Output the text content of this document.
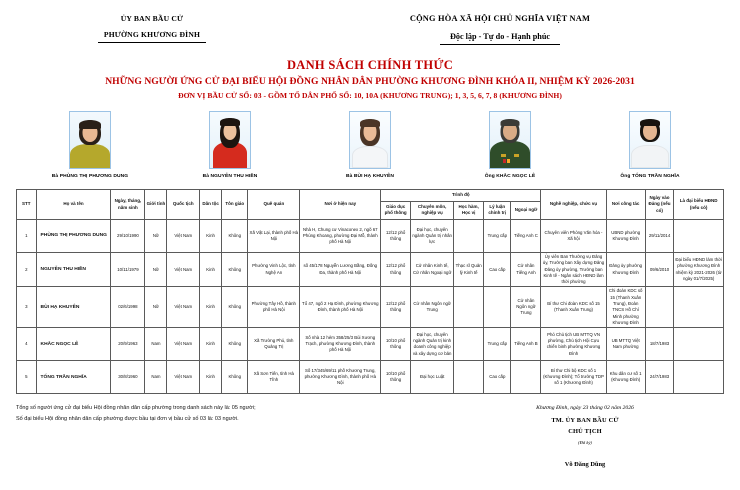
ỦY BAN BẦU CỬ
PHƯỜNG KHƯƠNG ĐÌNH
CỘNG HÒA XÃ HỘI CHỦ NGHĨA VIỆT NAM
Độc lập - Tự do - Hạnh phúc
DANH SÁCH CHÍNH THỨC
NHỮNG NGƯỜI ỨNG CỬ ĐẠI BIỂU HỘI ĐỒNG NHÂN DÂN PHƯỜNG KHƯƠNG ĐÌNH KHÓA II, NHIỆM KỲ 2026-2031
ĐƠN VỊ BẦU CỬ SỐ: 03 - GỒM TỔ DÂN PHỐ SỐ: 10, 10A (KHƯƠNG TRUNG); 1, 3, 5, 6, 7, 8 (KHƯƠNG ĐÌNH)
Bà PHÙNG THỊ PHƯƠNG DUNG	Bà NGUYỄN THU HIỀN	Bà BÙI HẠ KHUYÊN	Ông KHẮC NGỌC LÊ	Ông TỐNG TRẦN NGHĨA
STT	Họ và tên	Ngày, tháng, năm sinh	Giới tính	Quốc tịch	Dân tộc	Tôn giáo	Quê quán	Nơi ở hiện nay	Trình độ					Nghề nghiệp, chức vụ	Nơi công tác	Ngày vào Đảng (nếu có)	Là đại biểu HĐND (nếu có)
									Giáo dục phổ thông	Chuyên môn, nghiệp vụ	Học hàm, Học vị	Lý luận chính trị	Ngoại ngữ				
1	PHÙNG THỊ PHƯƠNG DUNG	29/10/1990	Nữ	Việt Nam	Kinh	Không	Xã Vật Lại, thành phố Hà Nội	Nhà H, Chung cư Vinaconex 2, ngõ 67 Phùng Khoang, phường Đại Mỗ, thành phố Hà Nội	12/12 phổ thông	Đại học, chuyên ngành Quản trị nhân lực		Trung cấp	Tiếng Anh C	Chuyên viên Phòng Văn hóa - Xã hội	UBND phường Khương Đình	29/11/2014	
2	NGUYỄN THU HIỀN	10/11/1979	Nữ	Việt Nam	Kinh	Không	Phường Vinh Lộc, tỉnh Nghệ An	số 45/178 Nguyễn Lương Bằng, Đống Đa, thành phố Hà Nội	12/12 phổ thông	Cử nhân Kinh tế, Cử nhân Ngoại ngữ	Thạc sĩ Quản lý Kinh tế	Cao cấp	Cử nhân Tiếng Anh	Ủy viên Ban Thường vụ Đảng ủy, Trưởng ban Xây dựng Đảng Đảng ủy phường, Trưởng ban Kinh tế - Ngân sách HĐND làm thời phường	Đảng ủy phường Khương Đình	09/6/2010	Đại biểu HĐND làm thời phường Khương Đình nhiệm kỳ 2021-2026 (từ ngày 01/7/2025)
3	BÙI HẠ KHUYÊN	02/6/1998	Nữ	Việt Nam	Kinh	Không	Phường Tây Hồ, thành phố Hà Nội	Tổ 47, ngõ 2 Hạ Đình, phường Khương Đình, thành phố Hà Nội	12/12 phổ thông	Cử nhân Ngôn ngữ Trung			Cử nhân Ngôn ngữ Trung	Bí thư Chi đoàn KDC số 15 (Thanh Xuân Trung)	Chi đoàn KDC số 15 (Thanh Xuân Trung), Đoàn TNCS Hồ Chí Minh phường Khương Đình		
4	KHẮC NGỌC LÊ	20/9/1963	Nam	Việt Nam	Kinh	Không	Xã Trường Phú, tỉnh Quảng Trị	Số nhà 12 hẻm 358/25/3 Bùi Xương Trạch, phường Khương Đình, thành phố Hà Nội	10/10 phổ thông	Đại học, chuyên ngành Quản trị kinh doanh công nghiệp và xây dựng cơ bản		Trung cấp	Tiếng Anh B	Phó Chủ tịch UB MTTQ VN phường, Chủ tịch Hội Cựu chiến binh phường Khương Đình	UB MTTQ Việt Nam phường	18/7/1983	
5	TỐNG TRẦN NGHĨA	30/8/1960	Nam	Việt Nam	Kinh	Không	Xã Sơn Tiến, tỉnh Hà Tĩnh	Số 17/345/69/11 phố Khương Trung, phường Khương Đình, thành phố Hà Nội	10/10 phổ thông	Đại học Luật		Cao cấp		Bí thư Chi bộ KDC số 1 (Khương Đình); Tổ trưởng TDP số 1 (Khương Đình)	Khu dân cư số 1 (Khương Đình)	24/7/1983	
Tổng số người ứng cử đại biểu Hội đồng nhân dân cấp phường trong danh sách này là: 05 người;
Số đại biểu Hội đồng nhân dân cấp phường được bầu tại đơn vị bầu cử số 03 là: 03 người.
Khương Đình, ngày 23 tháng 02 năm 2026
TM. ỦY BAN BẦU CỬ
CHỦ TỊCH
(Đã ký)
Võ Đăng Dũng
